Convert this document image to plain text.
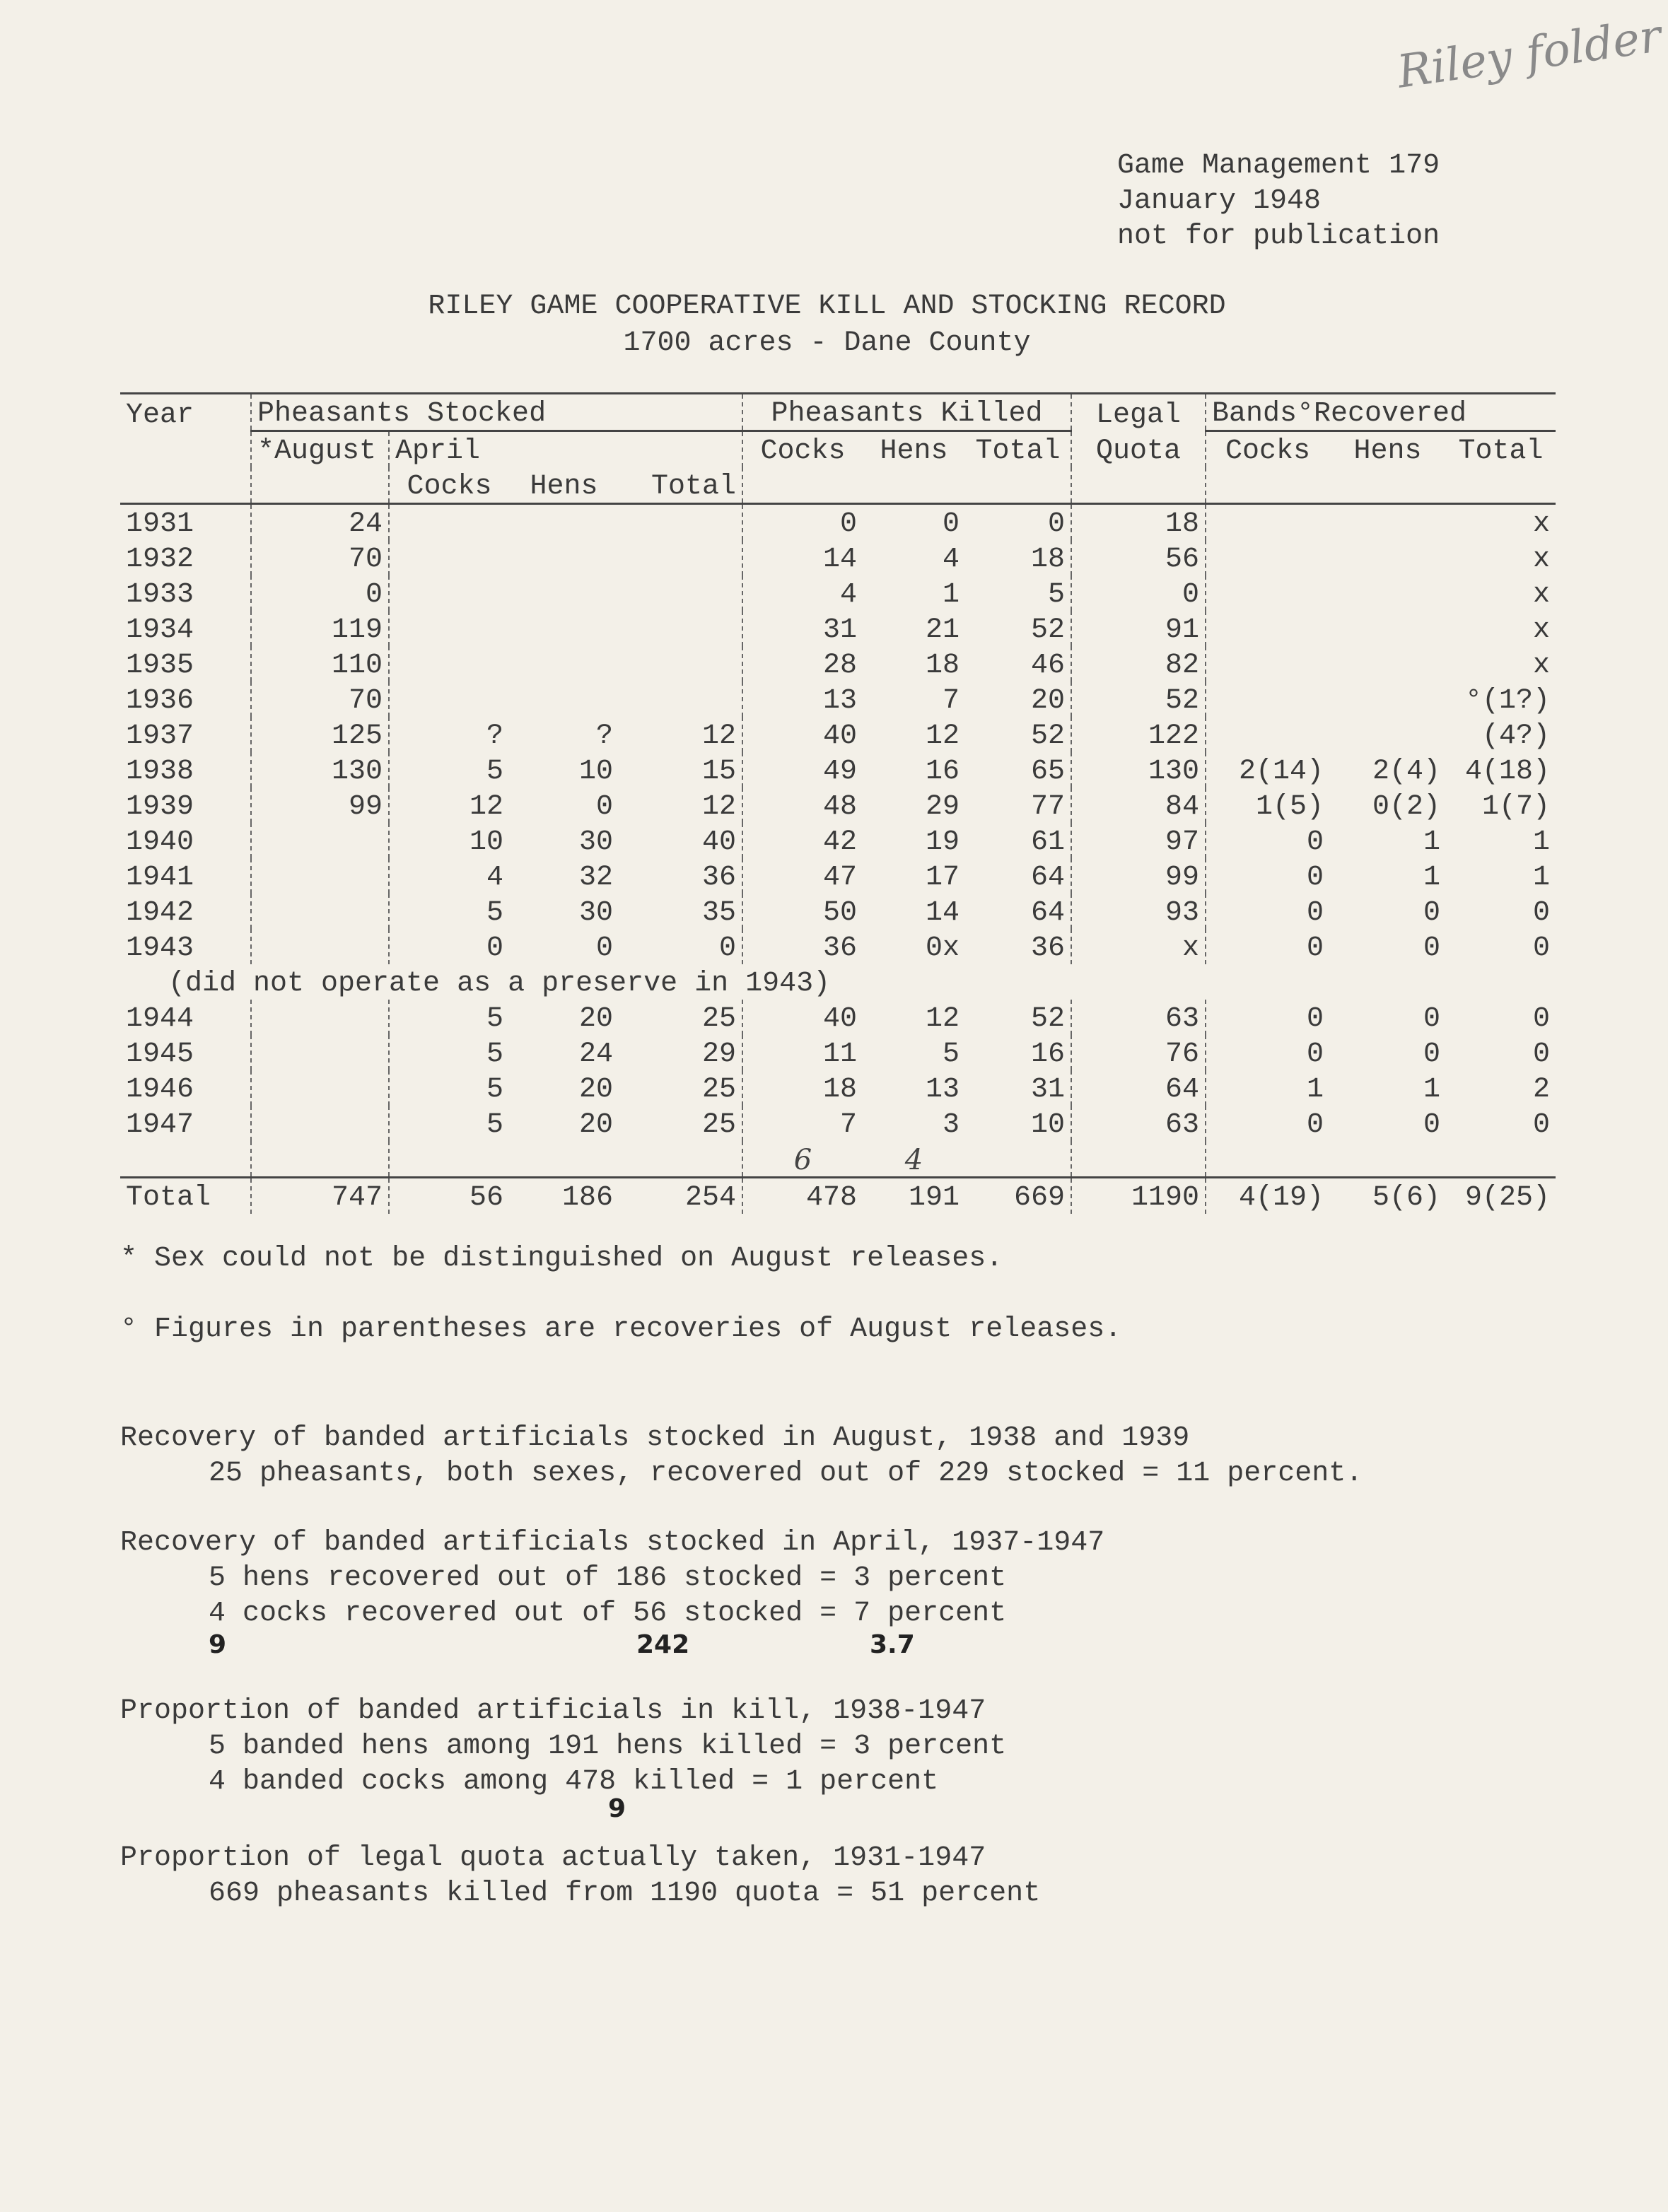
Riley folder
Game Management 179
January 1948
not for publication
RILEY GAME COOPERATIVE KILL AND STOCKING RECORD
1700 acres - Dane County
Year	Pheasants Stocked				Pheasants Killed			Legal	Bands°Recovered		
	*August	April			Cocks	Hens	Total	Quota	Cocks	Hens	Total
		Cocks	Hens	Total							
1931	24				0	0	0	18			x
1932	70				14	4	18	56			x
1933	0				4	1	5	0			x
1934	119				31	21	52	91			x
1935	110				28	18	46	82			x
1936	70				13	7	20	52			°(1?)
1937	125	?	?	12	40	12	52	122			(4?)
1938	130	5	10	15	49	16	65	130	2(14)	2(4)	4(18)
1939	99	12	0	12	48	29	77	84	1(5)	0(2)	1(7)
1940		10	30	40	42	19	61	97	0	1	1
1941		4	32	36	47	17	64	99	0	1	1
1942		5	30	35	50	14	64	93	0	0	0
1943		0	0	0	36	0x	36	x	0	0	0
(did not operate as a preserve in 1943)											
1944		5	20	25	40	12	52	63	0	0	0
1945		5	24	29	11	5	16	76	0	0	0
1946		5	20	25	18	13	31	64	1	1	2
1947		5	20	25	7	3	10	63	0	0	0
					6	4					
Total	747	56	186	254	478	191	669	1190	4(19)	5(6)	9(25)

* Sex could not be distinguished on August releases.

° Figures in parentheses are recoveries of August releases.

Recovery of banded artificials stocked in August, 1938 and 1939
25 pheasants, both sexes, recovered out of 229 stocked = 11 percent.
Recovery of banded artificials stocked in April, 1937-1947
5 hens recovered out of 186 stocked = 3 percent
4 cocks recovered out of 56 stocked = 7 percent
9	242	3.7
Proportion of banded artificials in kill, 1938-1947
5 banded hens among 191 hens killed = 3 percent
4 banded cocks among 478 killed = 1 percent
9
Proportion of legal quota actually taken, 1931-1947
669 pheasants killed from 1190 quota = 51 percent
